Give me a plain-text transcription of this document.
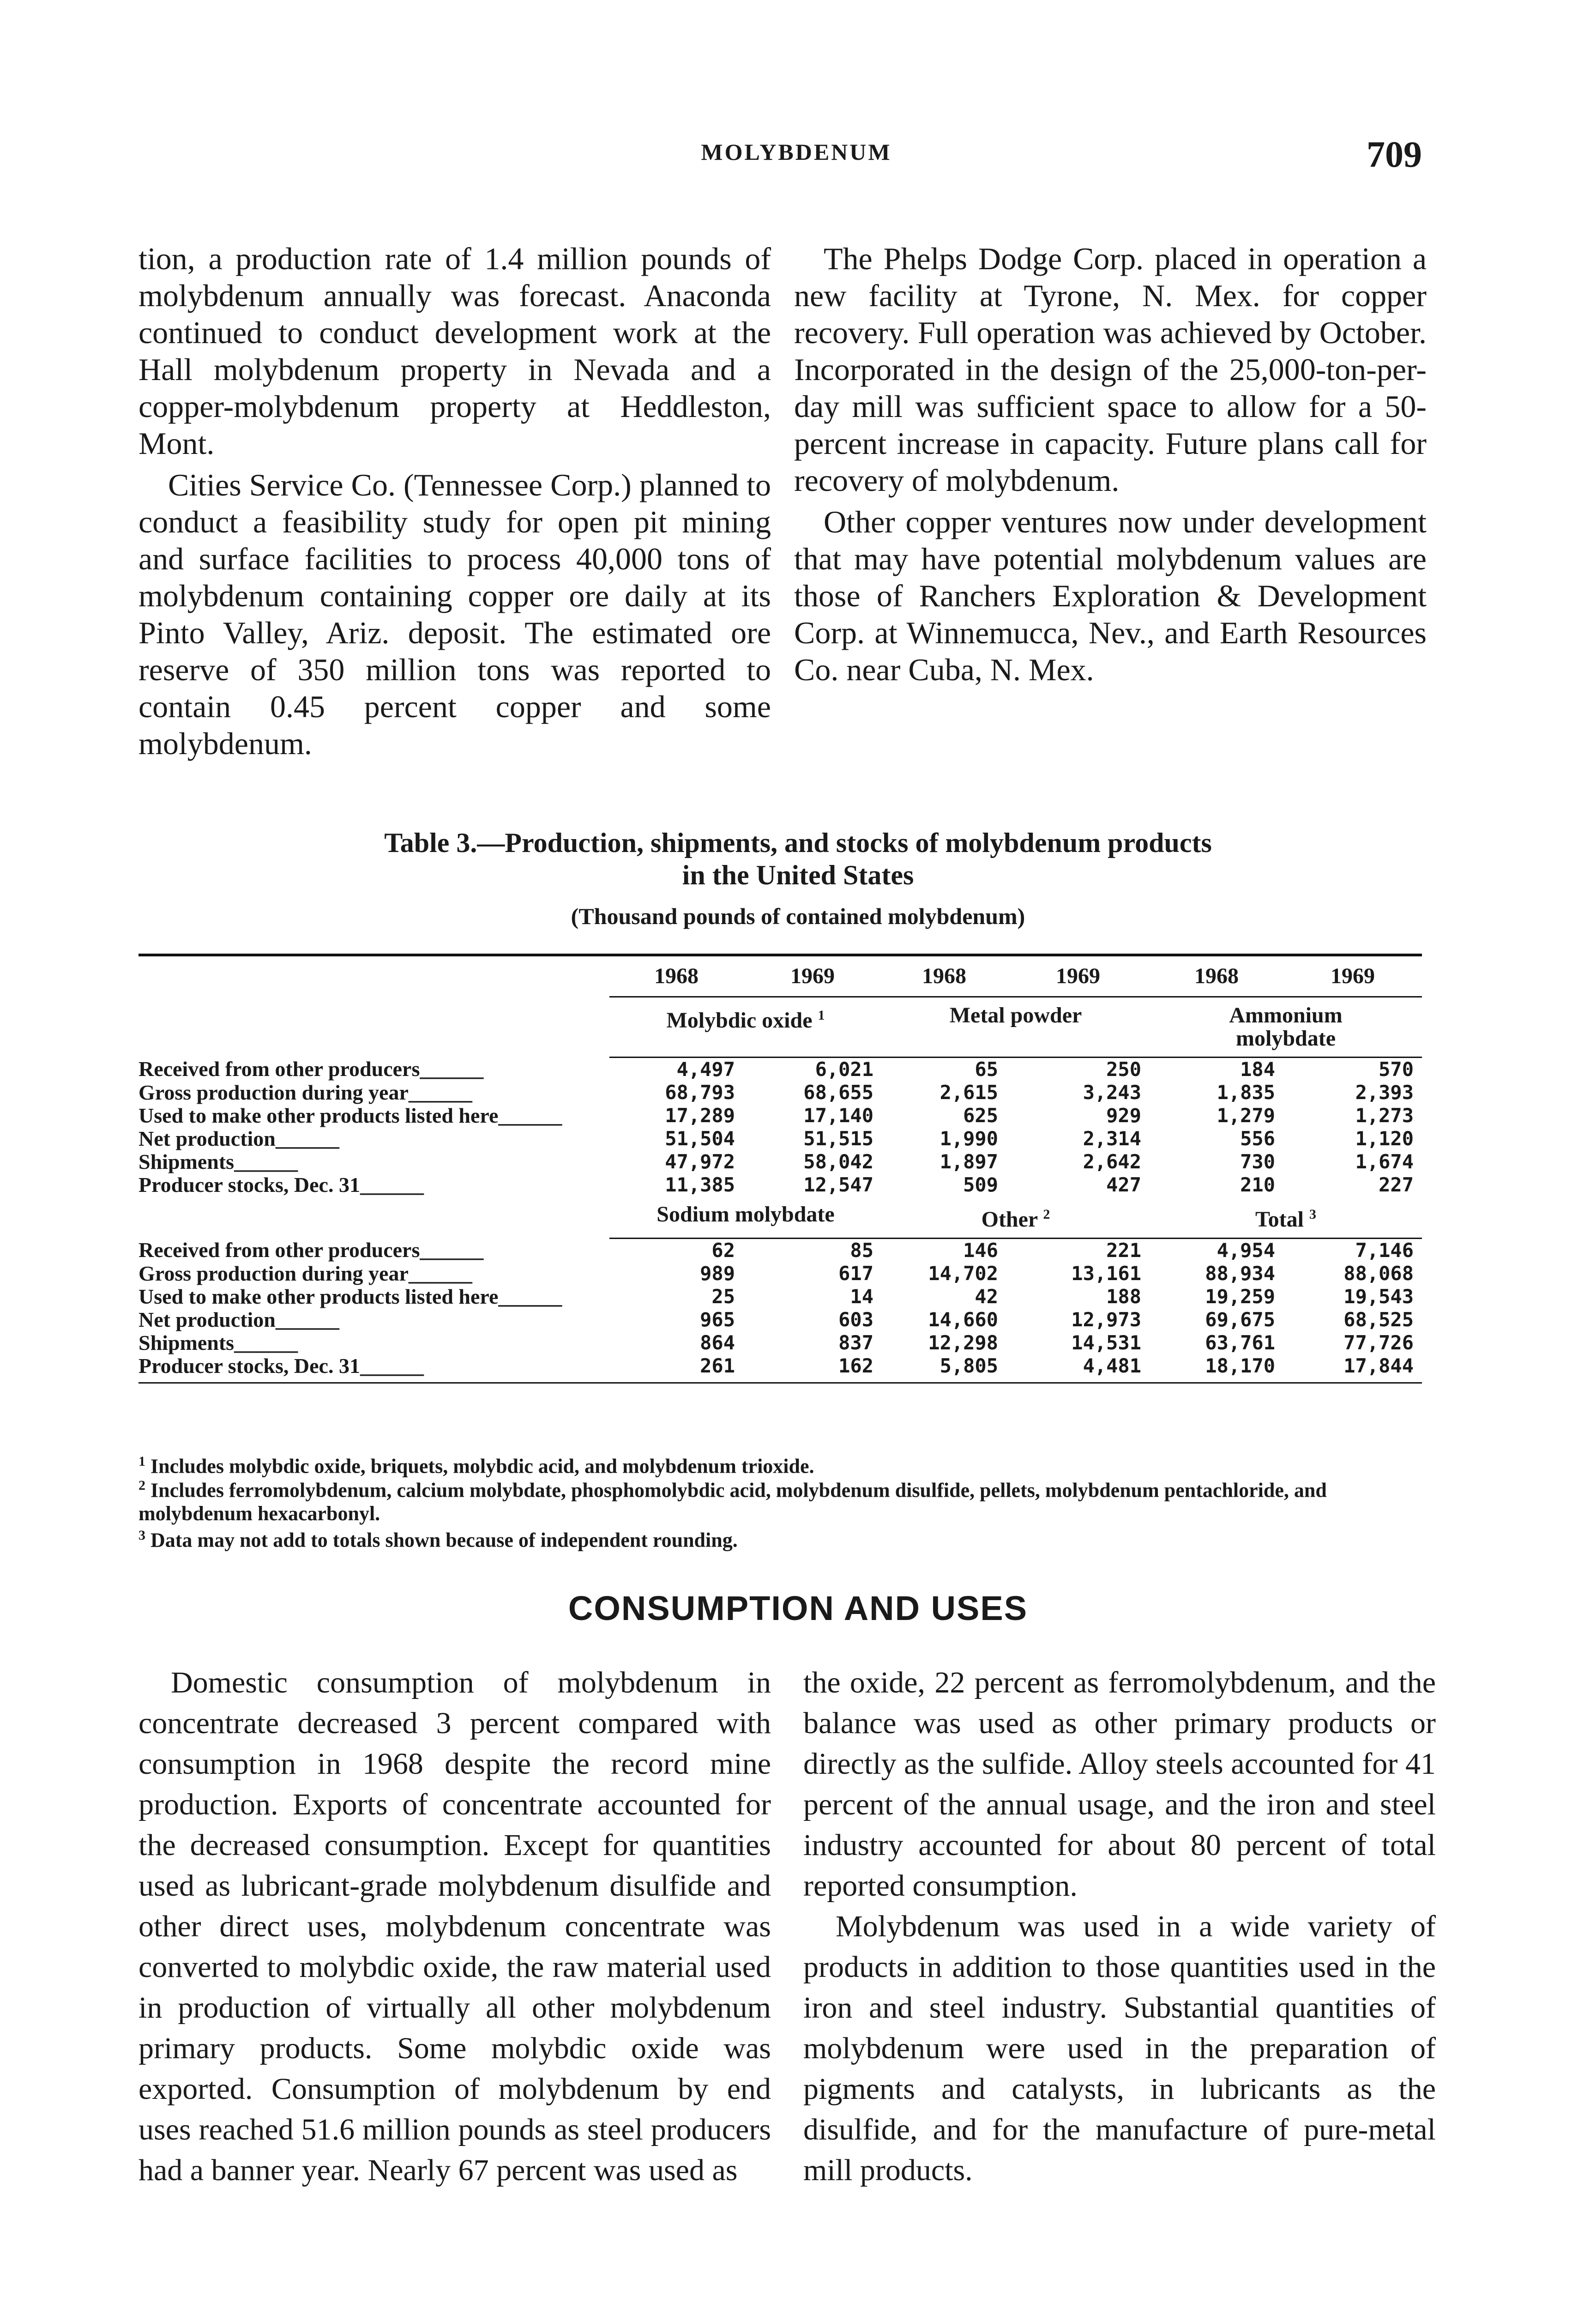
MOLYBDENUM	709

tion, a production rate of 1.4 million pounds of molybdenum annually was forecast. Anaconda continued to conduct development work at the Hall molybdenum property in Nevada and a copper-molybdenum property at Heddleston, Mont.

Cities Service Co. (Tennessee Corp.) planned to conduct a feasibility study for open pit mining and surface facilities to process 40,000 tons of molybdenum containing copper ore daily at its Pinto Valley, Ariz. deposit. The estimated ore reserve of 350 million tons was reported to contain 0.45 percent copper and some molybdenum.

The Phelps Dodge Corp. placed in operation a new facility at Tyrone, N. Mex. for copper recovery. Full operation was achieved by October. Incorporated in the design of the 25,000-ton-per-day mill was sufficient space to allow for a 50-percent increase in capacity. Future plans call for recovery of molybdenum.

Other copper ventures now under development that may have potential molybdenum values are those of Ranchers Exploration & Development Corp. at Winnemucca, Nev., and Earth Resources Co. near Cuba, N. Mex.

Table 3.—Production, shipments, and stocks of molybdenum products
in the United States
(Thousand pounds of contained molybdenum)
	1968	1969	1968	1969	1968	1969
	Molybdic oxide $^1$		Metal powder		Ammonium molybdate	
Received from other producers______	4,497	6,021	65	250	184	570
Gross production during year______	68,793	68,655	2,615	3,243	1,835	2,393
Used to make other products listed here______	17,289	17,140	625	929	1,279	1,273
Net production______	51,504	51,515	1,990	2,314	556	1,120
Shipments______	47,972	58,042	1,897	2,642	730	1,674
Producer stocks, Dec. 31______	11,385	12,547	509	427	210	227
	Sodium molybdate		Other $^2$		Total $^3$
Received from other producers______	62	85	146	221	4,954	7,146
Gross production during year______	989	617	14,702	13,161	88,934	88,068
Used to make other products listed here______	25	14	42	188	19,259	19,543
Net production______	965	603	14,660	12,973	69,675	68,525
Shipments______	864	837	12,298	14,531	63,761	77,726
Producer stocks, Dec. 31______	261	162	5,805	4,481	18,170	17,844

$^1$ Includes molybdic oxide, briquets, molybdic acid, and molybdenum trioxide.
$^2$ Includes ferromolybdenum, calcium molybdate, phosphomolybdic acid, molybdenum disulfide, pellets, molybdenum pentachloride, and molybdenum hexacarbonyl.
$^3$ Data may not add to totals shown because of independent rounding.
CONSUMPTION AND USES

Domestic consumption of molybdenum in concentrate decreased 3 percent compared with consumption in 1968 despite the record mine production. Exports of concentrate accounted for the decreased consumption. Except for quantities used as lubricant-grade molybdenum disulfide and other direct uses, molybdenum concentrate was converted to molybdic oxide, the raw material used in production of virtually all other molybdenum primary products. Some molybdic oxide was exported. Consumption of molybdenum by end uses reached 51.6 million pounds as steel producers had a banner year. Nearly 67 percent was used as

the oxide, 22 percent as ferromolybdenum, and the balance was used as other primary products or directly as the sulfide. Alloy steels accounted for 41 percent of the annual usage, and the iron and steel industry accounted for about 80 percent of total reported consumption.

Molybdenum was used in a wide variety of products in addition to those quantities used in the iron and steel industry. Substantial quantities of molybdenum were used in the preparation of pigments and catalysts, in lubricants as the disulfide, and for the manufacture of pure-metal mill products.
